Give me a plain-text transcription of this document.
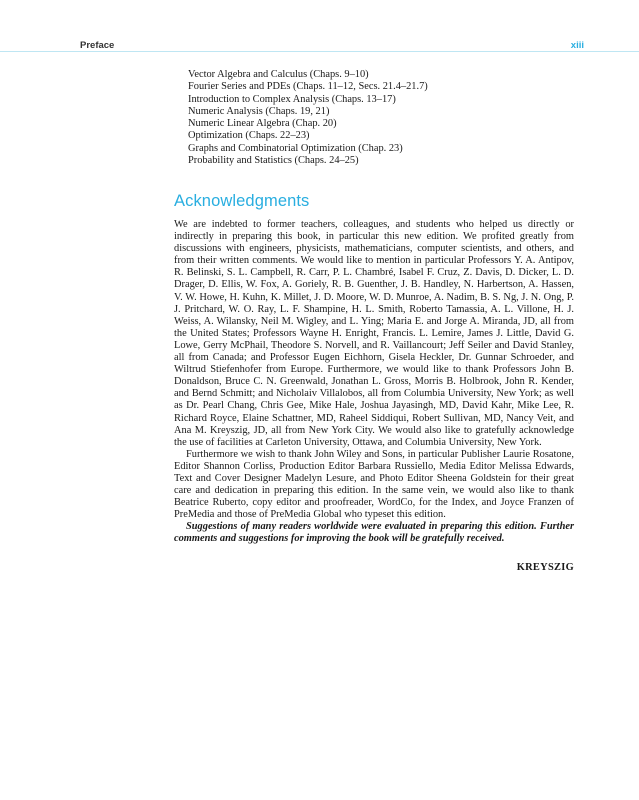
Preface	xiii
Vector Algebra and Calculus (Chaps. 9–10)
Fourier Series and PDEs (Chaps. 11–12, Secs. 21.4–21.7)
Introduction to Complex Analysis (Chaps. 13–17)
Numeric Analysis (Chaps. 19, 21)
Numeric Linear Algebra (Chap. 20)
Optimization (Chaps. 22–23)
Graphs and Combinatorial Optimization (Chap. 23)
Probability and Statistics (Chaps. 24–25)
Acknowledgments

We are indebted to former teachers, colleagues, and students who helped us directly or indirectly in preparing this book, in particular this new edition. We profited greatly from discussions with engineers, physicists, mathematicians, computer scientists, and others, and from their written comments. We would like to mention in particular Professors Y. A. Antipov, R. Belinski, S. L. Campbell, R. Carr, P. L. Chambré, Isabel F. Cruz, Z. Davis, D. Dicker, L. D. Drager, D. Ellis, W. Fox, A. Goriely, R. B. Guenther, J. B. Handley, N. Harbertson, A. Hassen, V. W. Howe, H. Kuhn, K. Millet, J. D. Moore, W. D. Munroe, A. Nadim, B. S. Ng, J. N. Ong, P. J. Pritchard, W. O. Ray, L. F. Shampine, H. L. Smith, Roberto Tamassia, A. L. Villone, H. J. Weiss, A. Wilansky, Neil M. Wigley, and L. Ying; Maria E. and Jorge A. Miranda, JD, all from the United States; Professors Wayne H. Enright, Francis. L. Lemire, James J. Little, David G. Lowe, Gerry McPhail, Theodore S. Norvell, and R. Vaillancourt; Jeff Seiler and David Stanley, all from Canada; and Professor Eugen Eichhorn, Gisela Heckler, Dr. Gunnar Schroeder, and Wiltrud Stiefenhofer from Europe. Furthermore, we would like to thank Professors John B. Donaldson, Bruce C. N. Greenwald, Jonathan L. Gross, Morris B. Holbrook, John R. Kender, and Bernd Schmitt; and Nicholaiv Villalobos, all from Columbia University, New York; as well as Dr. Pearl Chang, Chris Gee, Mike Hale, Joshua Jayasingh, MD, David Kahr, Mike Lee, R. Richard Royce, Elaine Schattner, MD, Raheel Siddiqui, Robert Sullivan, MD, Nancy Veit, and Ana M. Kreyszig, JD, all from New York City. We would also like to gratefully acknowledge the use of facilities at Carleton University, Ottawa, and Columbia University, New York.

Furthermore we wish to thank John Wiley and Sons, in particular Publisher Laurie Rosatone, Editor Shannon Corliss, Production Editor Barbara Russiello, Media Editor Melissa Edwards, Text and Cover Designer Madelyn Lesure, and Photo Editor Sheena Goldstein for their great care and dedication in preparing this edition. In the same vein, we would also like to thank Beatrice Ruberto, copy editor and proofreader, WordCo, for the Index, and Joyce Franzen of PreMedia and those of PreMedia Global who typeset this edition.

Suggestions of many readers worldwide were evaluated in preparing this edition. Further comments and suggestions for improving the book will be gratefully received.

KREYSZIG
